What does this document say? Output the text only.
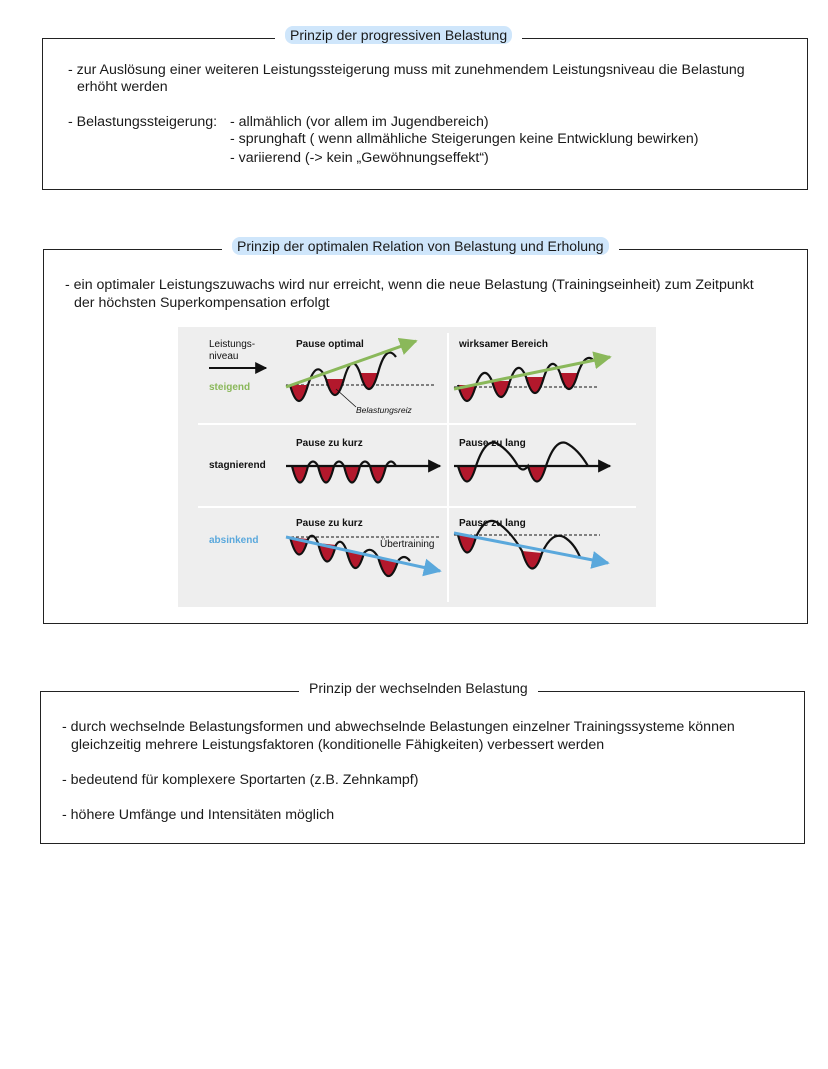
Prinzip der progressiven Belastung
- zur Auslösung einer weiteren Leistungssteigerung muss mit zunehmendem Leistungsniveau die Belastung
erhöht werden
- Belastungssteigerung: - allmählich (vor allem im Jugendbereich)
- sprunghaft ( wenn allmähliche Steigerungen keine Entwicklung bewirken)
- variierend (-> kein „Gewöhnungseffekt“)
Prinzip der optimalen Relation von Belastung und Erholung
- ein optimaler Leistungszuwachs wird nur erreicht, wenn die neue Belastung (Trainingseinheit) zum Zeitpunkt
der höchsten Superkompensation erfolgt
Leistungs-
niveau
steigend
stagnierend
absinkend
Pause optimal	wirksamer Bereich
Pause zu kurz	Pause zu lang
Pause zu kurz	Pause zu lang
Belastungsreiz
Übertraining
Prinzip der wechselnden Belastung
- durch wechselnde Belastungsformen und abwechselnde Belastungen einzelner Trainingssysteme können
gleichzeitig mehrere Leistungsfaktoren (konditionelle Fähigkeiten) verbessert werden
- bedeutend für komplexere Sportarten (z.B. Zehnkampf)
- höhere Umfänge und Intensitäten möglich
